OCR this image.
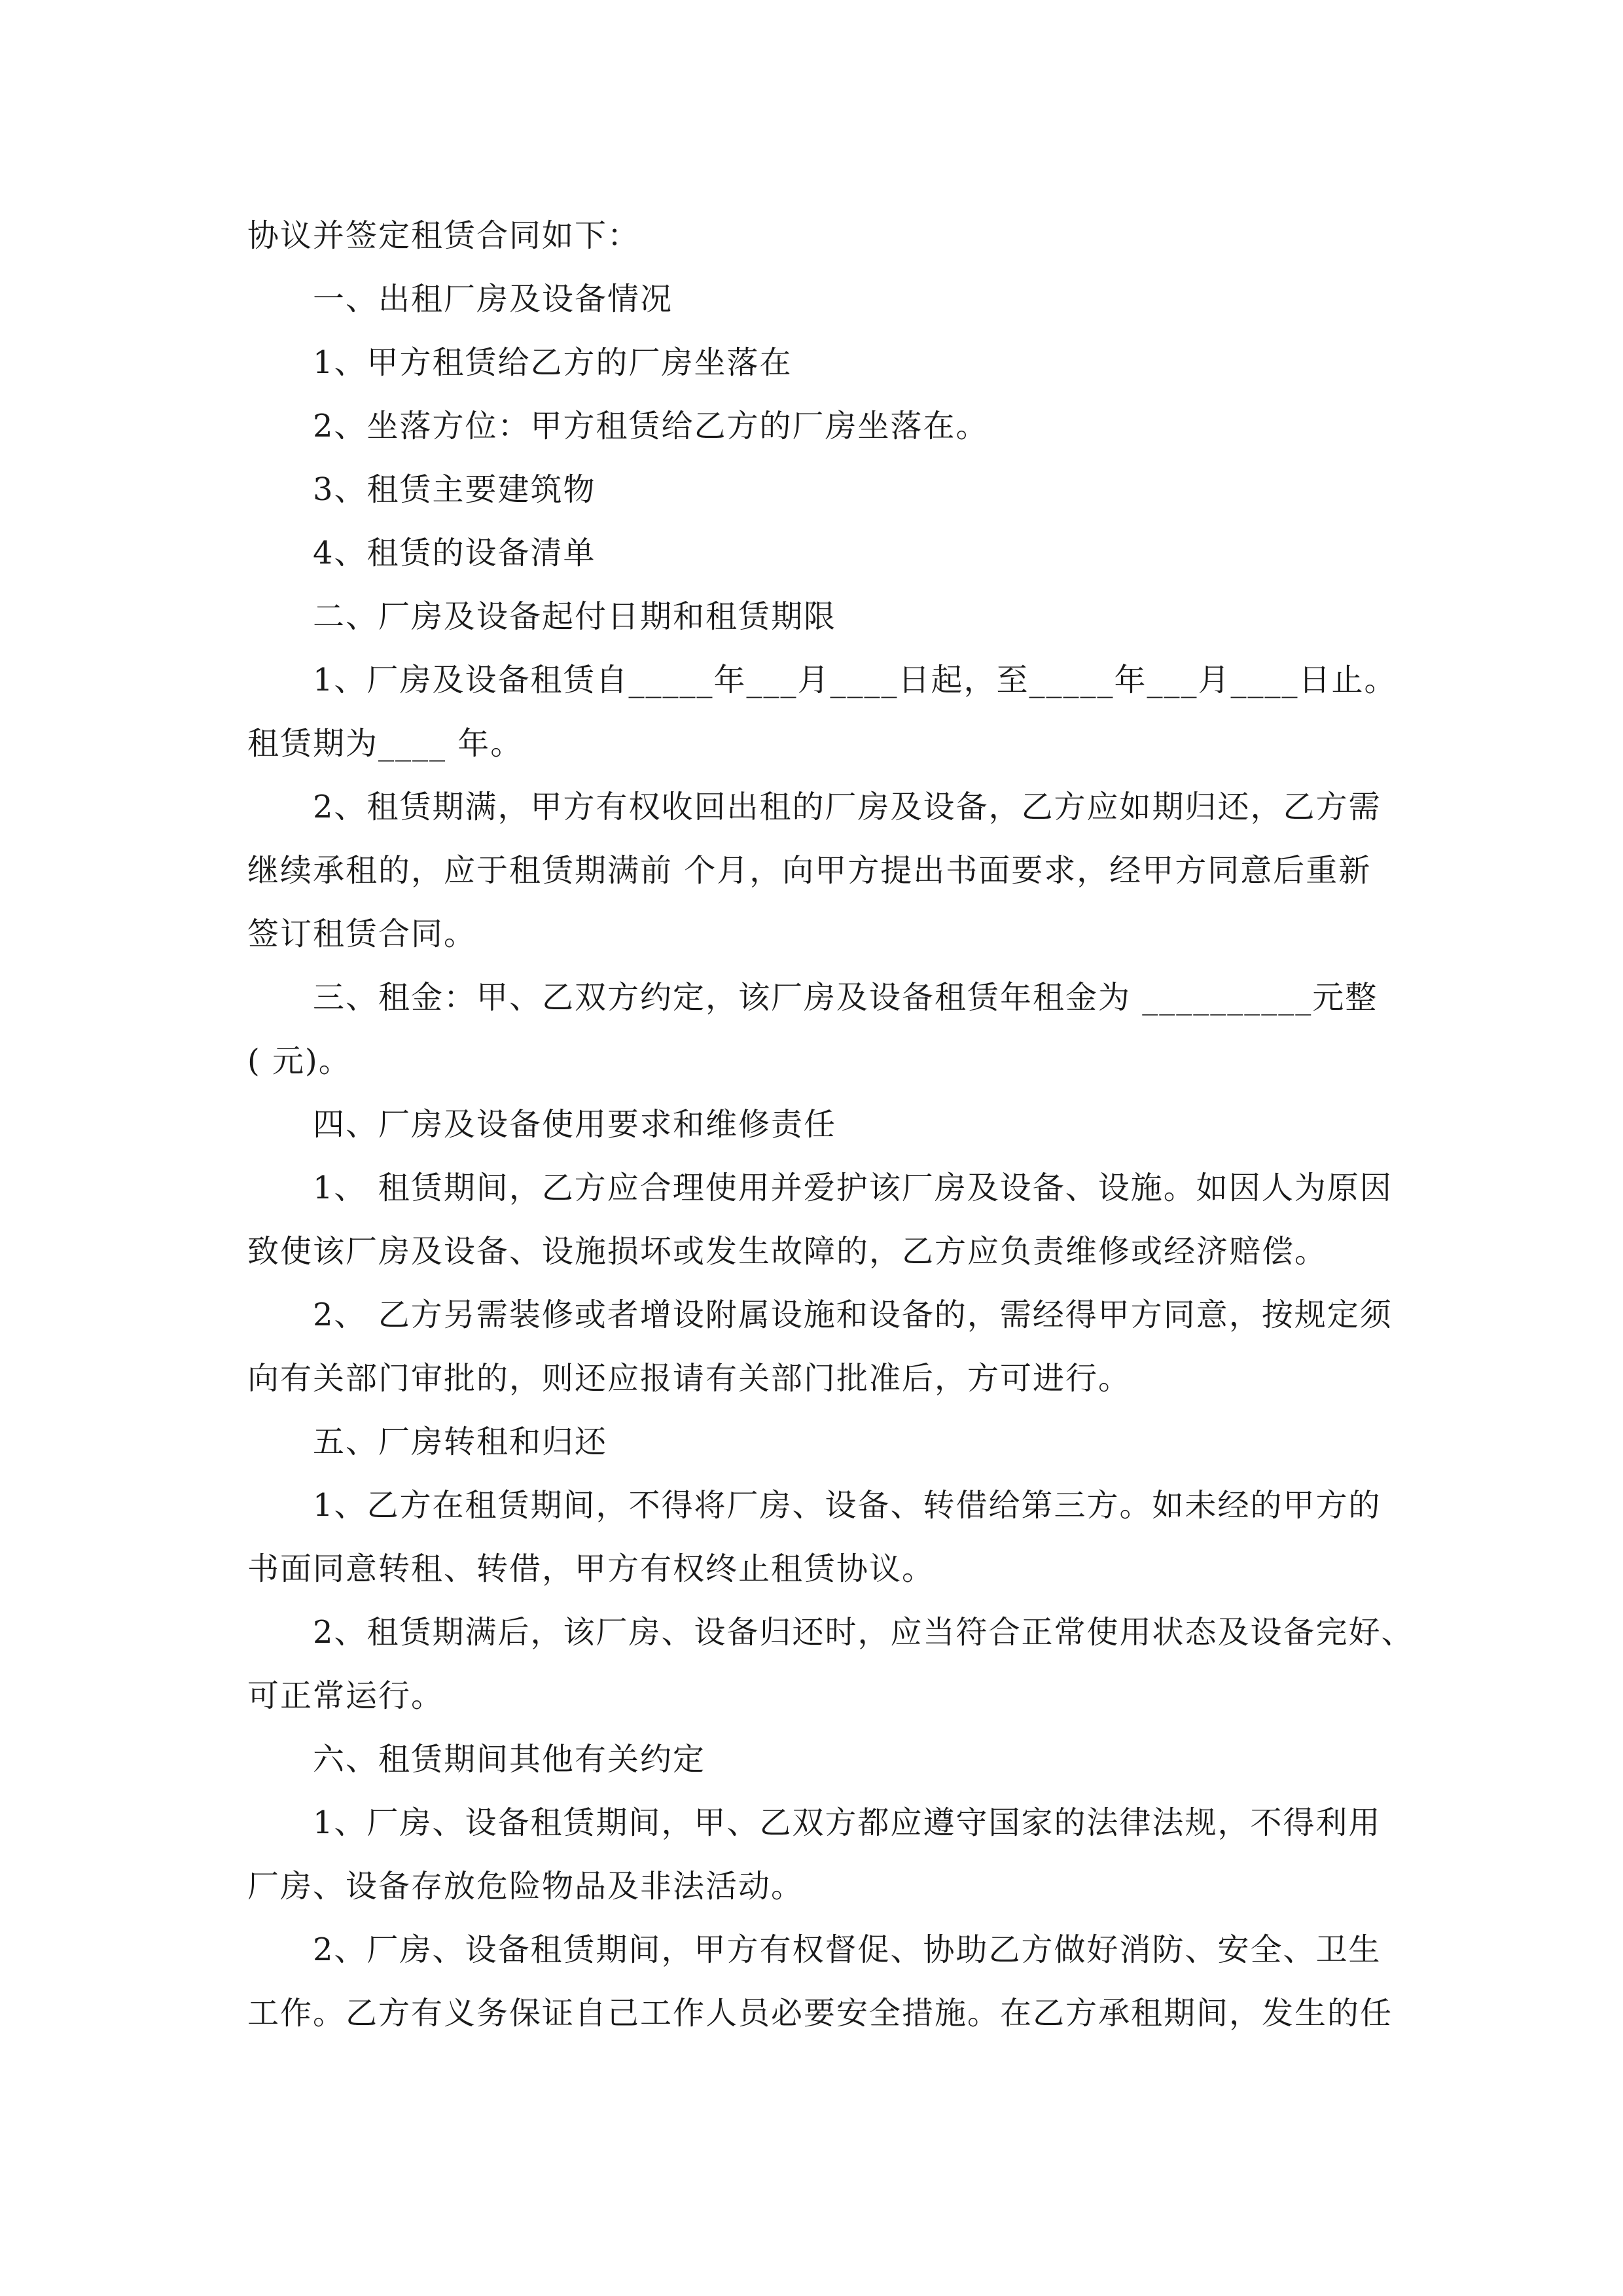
协议并签定租赁合同如下：
一、出租厂房及设备情况
1、甲方租赁给乙方的厂房坐落在
2、坐落方位：甲方租赁给乙方的厂房坐落在。
3、租赁主要建筑物
4、租赁的设备清单
二、厂房及设备起付日期和租赁期限
1、厂房及设备租赁自_____年___月____日起，至_____年___月____日止。
租赁期为____ 年。
2、租赁期满，甲方有权收回出租的厂房及设备，乙方应如期归还，乙方需
继续承租的，应于租赁期满前 个月，向甲方提出书面要求，经甲方同意后重新
签订租赁合同。
三、租金：甲、乙双方约定，该厂房及设备租赁年租金为 __________元整
( 元)。
四、厂房及设备使用要求和维修责任
1、 租赁期间，乙方应合理使用并爱护该厂房及设备、设施。如因人为原因
致使该厂房及设备、设施损坏或发生故障的，乙方应负责维修或经济赔偿。
2、 乙方另需装修或者增设附属设施和设备的，需经得甲方同意，按规定须
向有关部门审批的，则还应报请有关部门批准后，方可进行。
五、厂房转租和归还
1、乙方在租赁期间，不得将厂房、设备、转借给第三方。如未经的甲方的
书面同意转租、转借，甲方有权终止租赁协议。
2、租赁期满后，该厂房、设备归还时，应当符合正常使用状态及设备完好、
可正常运行。
六、租赁期间其他有关约定
1、厂房、设备租赁期间，甲、乙双方都应遵守国家的法律法规，不得利用
厂房、设备存放危险物品及非法活动。
2、厂房、设备租赁期间，甲方有权督促、协助乙方做好消防、安全、卫生
工作。乙方有义务保证自己工作人员必要安全措施。在乙方承租期间，发生的任
